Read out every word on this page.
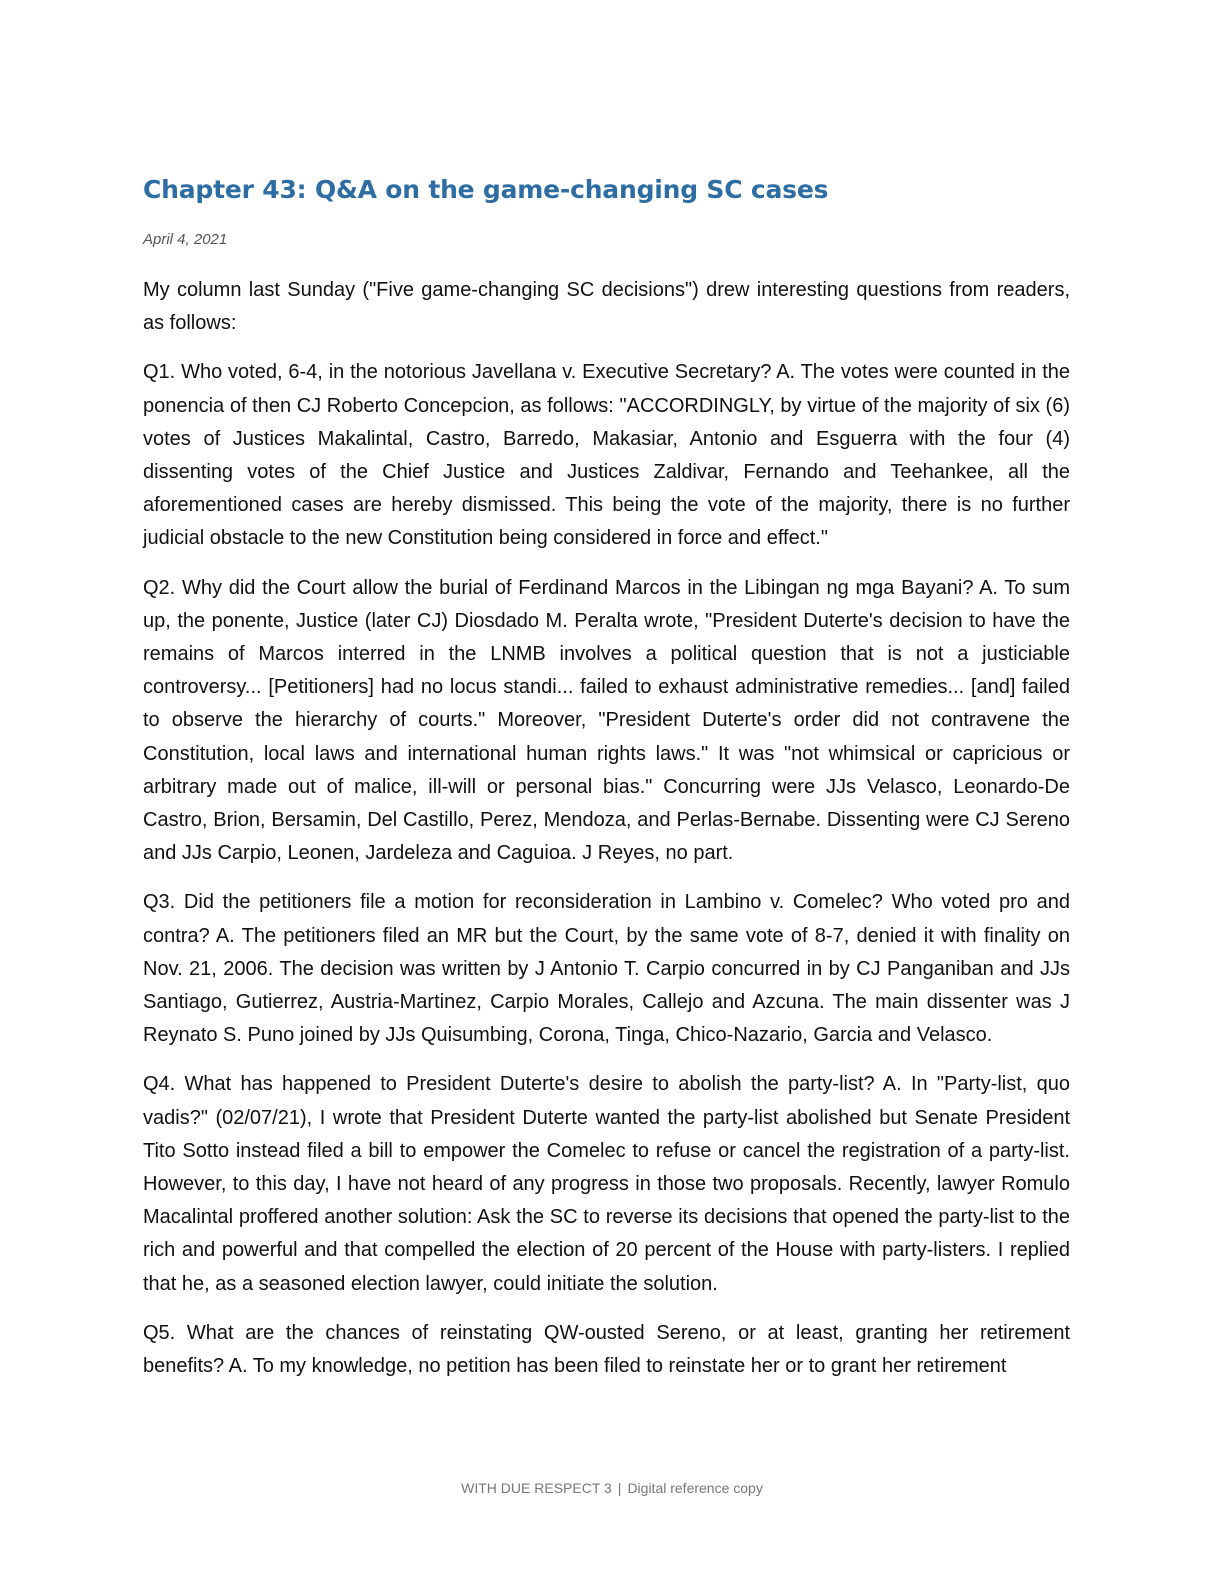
Chapter 43: Q&A on the game-changing SC cases
April 4, 2021

My column last Sunday ("Five game-changing SC decisions") drew interesting questions from readers, as follows:

Q1. Who voted, 6-4, in the notorious Javellana v. Executive Secretary? A. The votes were counted in the ponencia of then CJ Roberto Concepcion, as follows: "ACCORDINGLY, by virtue of the majority of six (6) votes of Justices Makalintal, Castro, Barredo, Makasiar, Antonio and Esguerra with the four (4) dissenting votes of the Chief Justice and Justices Zaldivar, Fernando and Teehankee, all the aforementioned cases are hereby dismissed. This being the vote of the majority, there is no further judicial obstacle to the new Constitution being considered in force and effect."

Q2. Why did the Court allow the burial of Ferdinand Marcos in the Libingan ng mga Bayani? A. To sum up, the ponente, Justice (later CJ) Diosdado M. Peralta wrote, "President Duterte's decision to have the remains of Marcos interred in the LNMB involves a political question that is not a justiciable controversy... [Petitioners] had no locus standi... failed to exhaust administrative remedies... [and] failed to observe the hierarchy of courts." Moreover, "President Duterte's order did not contravene the Constitution, local laws and international human rights laws." It was "not whimsical or capricious or arbitrary made out of malice, ill-will or personal bias." Concurring were JJs Velasco, Leonardo-De Castro, Brion, Bersamin, Del Castillo, Perez, Mendoza, and Perlas-Bernabe. Dissenting were CJ Sereno and JJs Carpio, Leonen, Jardeleza and Caguioa. J Reyes, no part.

Q3. Did the petitioners file a motion for reconsideration in Lambino v. Comelec? Who voted pro and contra? A. The petitioners filed an MR but the Court, by the same vote of 8-7, denied it with finality on Nov. 21, 2006. The decision was written by J Antonio T. Carpio concurred in by CJ Panganiban and JJs Santiago, Gutierrez, Austria-Martinez, Carpio Morales, Callejo and Azcuna. The main dissenter was J Reynato S. Puno joined by JJs Quisumbing, Corona, Tinga, Chico-Nazario, Garcia and Velasco.

Q4. What has happened to President Duterte's desire to abolish the party-list? A. In "Party-list, quo vadis?" (02/07/21), I wrote that President Duterte wanted the party-list abolished but Senate President Tito Sotto instead filed a bill to empower the Comelec to refuse or cancel the registration of a party-list. However, to this day, I have not heard of any progress in those two proposals. Recently, lawyer Romulo Macalintal proffered another solution: Ask the SC to reverse its decisions that opened the party-list to the rich and powerful and that compelled the election of 20 percent of the House with party-listers. I replied that he, as a seasoned election lawyer, could initiate the solution.

Q5. What are the chances of reinstating QW-ousted Sereno, or at least, granting her retirement benefits? A. To my knowledge, no petition has been filed to reinstate her or to grant her retirement

WITH DUE RESPECT 3 | Digital reference copy
